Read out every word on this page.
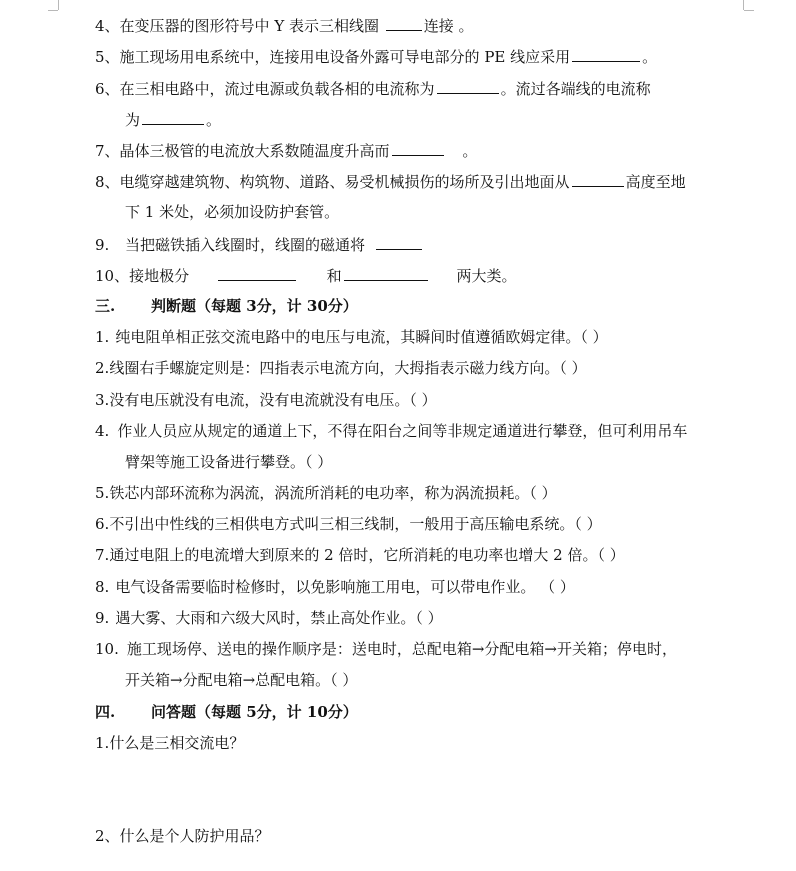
4、在变压器的图形符号中 Y 表示三相线圈	连接 。
5、施工现场用电系统中，连接用电设备外露可导电部分的 PE 线应采用	。
6、在三相电路中，流过电源或负载各相的电流称为	。流过各端线的电流称
为	。
7、晶体三极管的电流放大系数随温度升高而	。
8、电缆穿越建筑物、构筑物、道路、易受机械损伤的场所及引出地面从	高度至地
下 1 米处，必须加设防护套管。
9. 当把磁铁插入线圈时，线圈的磁通将
10、接地极分	和	两大类。
三. 判断题（每题 3分，计 30分）
1. 纯电阻单相正弦交流电路中的电压与电流，其瞬间时值遵循欧姆定律。（ ）
2.线圈右手螺旋定则是：四指表示电流方向，大拇指表示磁力线方向。（ ）
3.没有电压就没有电流，没有电流就没有电压。（ ）
4. 作业人员应从规定的通道上下，不得在阳台之间等非规定通道进行攀登，但可利用吊车
臂架等施工设备进行攀登。（ ）
5.铁芯内部环流称为涡流，涡流所消耗的电功率，称为涡流损耗。（ ）
6.不引出中性线的三相供电方式叫三相三线制，一般用于高压输电系统。（ ）
7.通过电阻上的电流增大到原来的 2 倍时，它所消耗的电功率也增大 2 倍。（ ）
8. 电气设备需要临时检修时，以免影响施工用电，可以带电作业。 （ ）
9. 遇大雾、大雨和六级大风时，禁止高处作业。（ ）
10. 施工现场停、送电的操作顺序是：送电时，总配电箱→分配电箱→开关箱；停电时，
开关箱→分配电箱→总配电箱。（ ）
四. 问答题（每题 5分，计 10分）
1.什么是三相交流电？
2、什么是个人防护用品？
